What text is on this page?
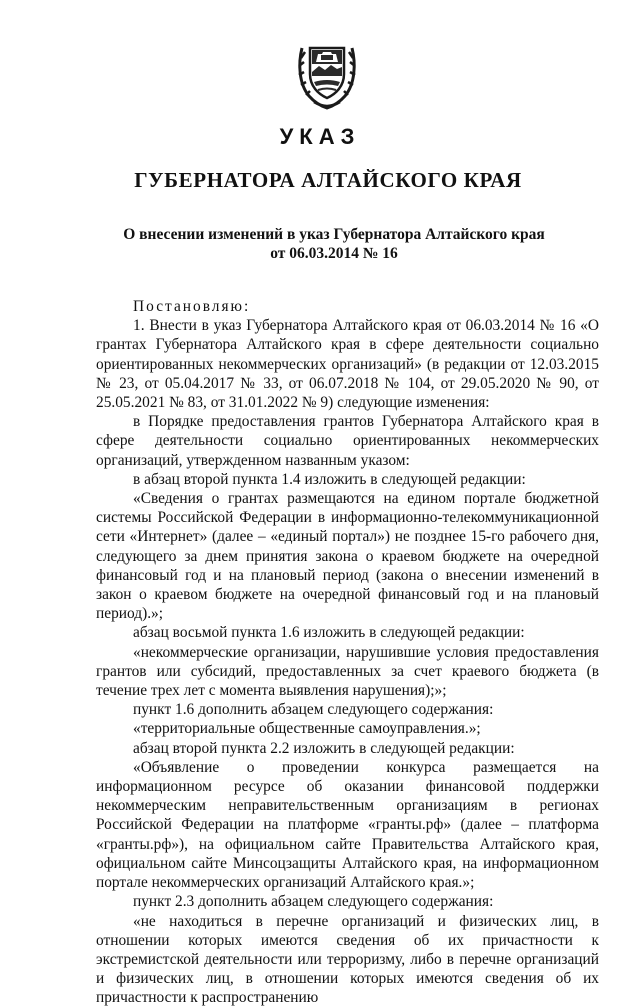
УКАЗ
ГУБЕРНАТОРА АЛТАЙСКОГО КРАЯ
О внесении изменений в указ Губернатора Алтайского края
от 06.03.2014 № 16

Постановляю:

1. Внести в указ Губернатора Алтайского края от 06.03.2014 № 16 «О грантах Губернатора Алтайского края в сфере деятельности социально ориентированных некоммерческих организаций» (в редакции от 12.03.2015 № 23, от 05.04.2017 № 33, от 06.07.2018 № 104, от 29.05.2020 № 90, от 25.05.2021 № 83, от 31.01.2022 № 9) следующие изменения:

в Порядке предоставления грантов Губернатора Алтайского края в сфере деятельности социально ориентированных некоммерческих организаций, утвержденном названным указом:

в абзац второй пункта 1.4 изложить в следующей редакции:

«Сведения о грантах размещаются на едином портале бюджетной системы Российской Федерации в информационно-телекоммуникационной сети «Интернет» (далее – «единый портал») не позднее 15-го рабочего дня, следующего за днем принятия закона о краевом бюджете на очередной финансовый год и на плановый период (закона о внесении изменений в закон о краевом бюджете на очередной финансовый год и на плановый период).»;

абзац восьмой пункта 1.6 изложить в следующей редакции:

«некоммерческие организации, нарушившие условия предоставления грантов или субсидий, предоставленных за счет краевого бюджета (в течение трех лет с момента выявления нарушения);»;

пункт 1.6 дополнить абзацем следующего содержания:

«территориальные общественные самоуправления.»;

абзац второй пункта 2.2 изложить в следующей редакции:

«Объявление о проведении конкурса размещается на информационном ресурсе об оказании финансовой поддержки некоммерческим неправительственным организациям в регионах Российской Федерации на платформе «гранты.рф» (далее – платформа «гранты.рф»), на официальном сайте Правительства Алтайского края, официальном сайте Минсоцзащиты Алтайского края, на информационном портале некоммерческих организаций Алтайского края.»;

пункт 2.3 дополнить абзацем следующего содержания:

«не находиться в перечне организаций и физических лиц, в отношении которых имеются сведения об их причастности к экстремистской деятельности или терроризму, либо в перечне организаций и физических лиц, в отношении которых имеются сведения об их причастности к распространению
